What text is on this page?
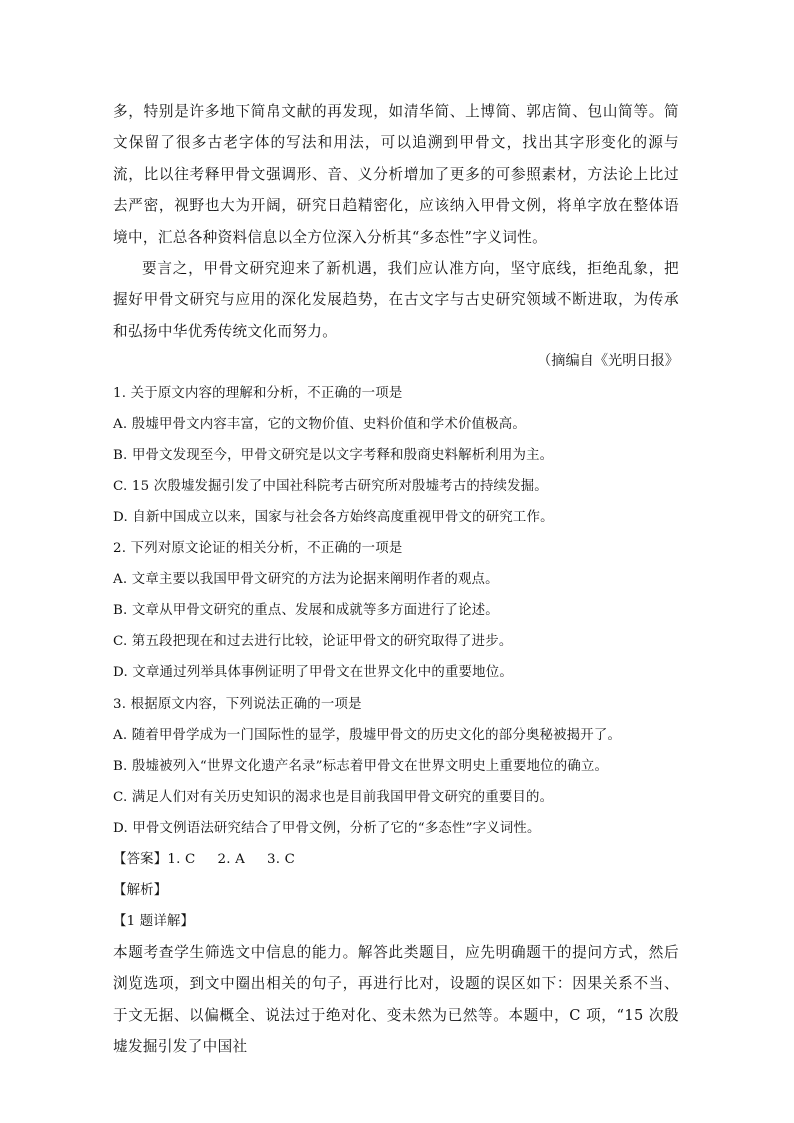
多，特别是许多地下简帛文献的再发现，如清华简、上博简、郭店简、包山简等。简文保留了很多古老字体的写法和用法，可以追溯到甲骨文，找出其字形变化的源与流，比以往考释甲骨文强调形、音、义分析增加了更多的可参照素材，方法论上比过去严密，视野也大为开阔，研究日趋精密化，应该纳入甲骨文例，将单字放在整体语境中，汇总各种资料信息以全方位深入分析其“多态性”字义词性。

要言之，甲骨文研究迎来了新机遇，我们应认准方向，坚守底线，拒绝乱象，把握好甲骨文研究与应用的深化发展趋势，在古文字与古史研究领域不断进取，为传承和弘扬中华优秀传统文化而努力。

（摘编自《光明日报》

1. 关于原文内容的理解和分析，不正确的一项是

A. 殷墟甲骨文内容丰富，它的文物价值、史料价值和学术价值极高。

B. 甲骨文发现至今，甲骨文研究是以文字考释和殷商史料解析利用为主。

C. 15 次殷墟发掘引发了中国社科院考古研究所对殷墟考古的持续发掘。

D. 自新中国成立以来，国家与社会各方始终高度重视甲骨文的研究工作。

2. 下列对原文论证的相关分析，不正确的一项是

A. 文章主要以我国甲骨文研究的方法为论据来阐明作者的观点。

B. 文章从甲骨文研究的重点、发展和成就等多方面进行了论述。

C. 第五段把现在和过去进行比较，论证甲骨文的研究取得了进步。

D. 文章通过列举具体事例证明了甲骨文在世界文化中的重要地位。

3. 根据原文内容，下列说法正确的一项是

A. 随着甲骨学成为一门国际性的显学，殷墟甲骨文的历史文化的部分奥秘被揭开了。

B. 殷墟被列入“世界文化遗产名录”标志着甲骨文在世界文明史上重要地位的确立。

C. 满足人们对有关历史知识的渴求也是目前我国甲骨文研究的重要目的。

D. 甲骨文例语法研究结合了甲骨文例，分析了它的“多态性”字义词性。

【答案】1. C 2. A 3. C

【解析】

【1 题详解】

本题考查学生筛选文中信息的能力。解答此类题目，应先明确题干的提问方式，然后浏览选项，到文中圈出相关的句子，再进行比对，设题的误区如下：因果关系不当、于文无据、以偏概全、说法过于绝对化、变未然为已然等。本题中，C 项，“15 次殷墟发掘引发了中国社
